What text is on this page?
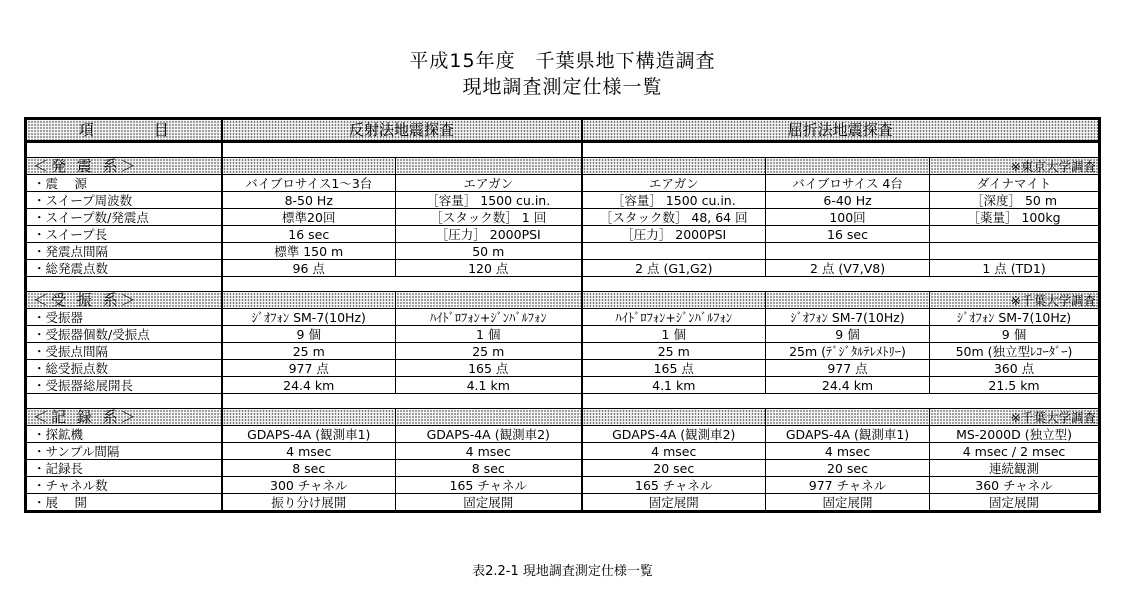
平成15年度　千葉県地下構造調査
現地調査測定仕様一覧
項　　　　目	反射法地震探査		屈折法地震探査		

＜発 震 系＞					※東京大学調査
・震　 源	バイブロサイス1～3台	エアガン	エアガン	バイブロサイス 4台	ダイナマイト
・スイープ周波数	8-50 Hz	［容量］ 1500 cu.in.	［容量］ 1500 cu.in.	6-40 Hz	［深度］ 50 m
・スイープ数/発震点	標準20回	［スタック数］ 1 回	［スタック数］ 48, 64 回	100回	［薬量］ 100kg
・スイープ長	16 sec	［圧力］ 2000PSI	［圧力］ 2000PSI	16 sec	
・発震点間隔	標準 150 m	50 m			
・総発震点数	96 点	120 点	2 点 (G1,G2)	2 点 (V7,V8)	1 点 (TD1)

＜受 振 系＞					※千葉大学調査
・受振器	ｼﾞｵﾌｫﾝ SM-7(10Hz)	ﾊｲﾄﾞﾛﾌｫﾝ+ｼﾞﾝﾊﾞﾙﾌｫﾝ	ﾊｲﾄﾞﾛﾌｫﾝ+ｼﾞﾝﾊﾞﾙﾌｫﾝ	ｼﾞｵﾌｫﾝ SM-7(10Hz)	ｼﾞｵﾌｫﾝ SM-7(10Hz)
・受振器個数/受振点	9 個	1 個	1 個	9 個	9 個
・受振点間隔	25 m	25 m	25 m	25m (ﾃﾞｼﾞﾀﾙﾃﾚﾒﾄﾘｰ)	50m (独立型ﾚｺｰﾀﾞｰ)
・総受振点数	977 点	165 点	165 点	977 点	360 点
・受振器総展開長	24.4 km	4.1 km	4.1 km	24.4 km	21.5 km

＜記 録 系＞					※千葉大学調査
・探鉱機	GDAPS-4A (観測車1)	GDAPS-4A (観測車2)	GDAPS-4A (観測車2)	GDAPS-4A (観測車1)	MS-2000D (独立型)
・サンプル間隔	4 msec	4 msec	4 msec	4 msec	4 msec / 2 msec
・記録長	8 sec	8 sec	20 sec	20 sec	連続観測
・チャネル数	300 チャネル	165 チャネル	165 チャネル	977 チャネル	360 チャネル
・展　 開	振り分け展開	固定展開	固定展開	固定展開	固定展開
表2.2-1 現地調査測定仕様一覧
